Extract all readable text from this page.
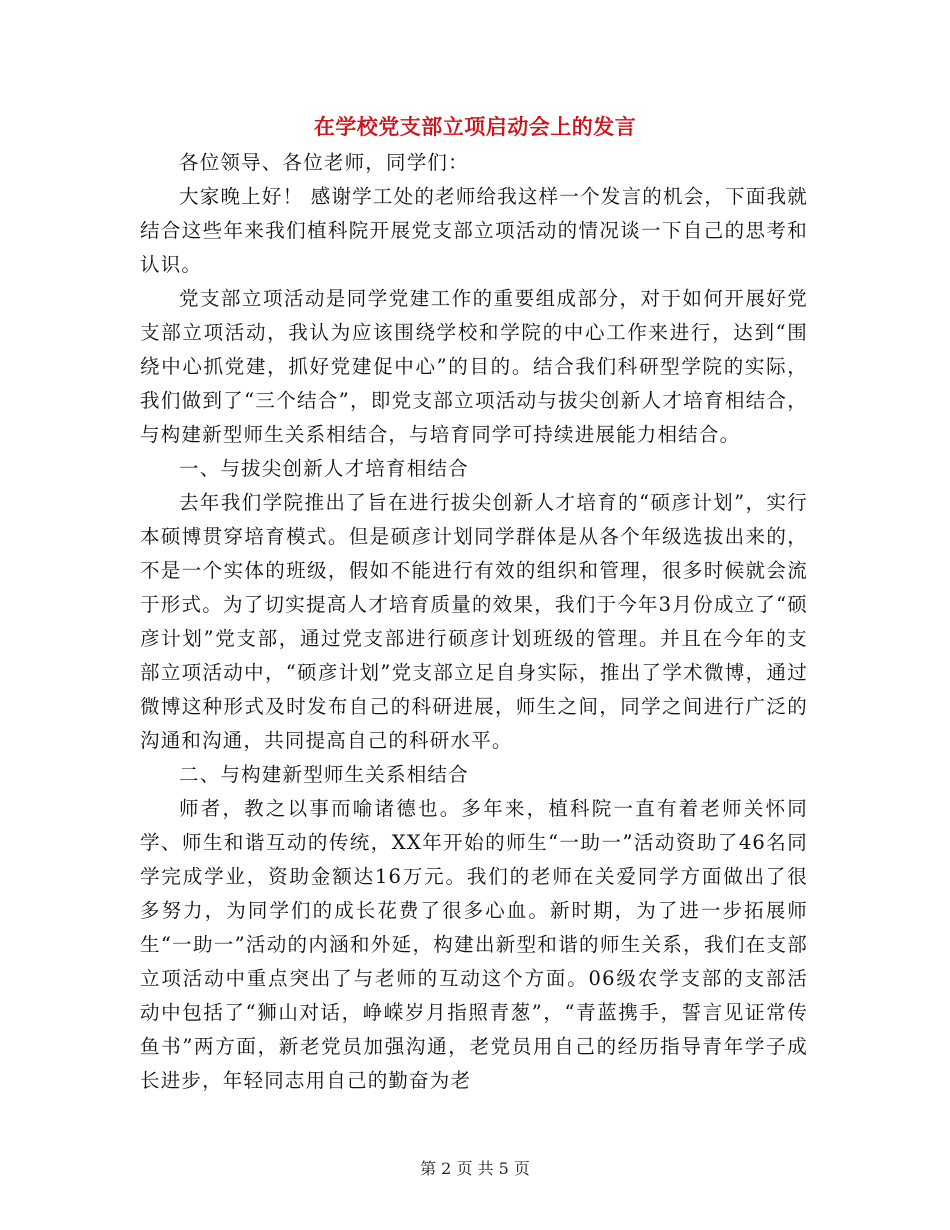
在学校党支部立项启动会上的发言

各位领导、各位老师，同学们：

大家晚上好！ 感谢学工处的老师给我这样一个发言的机会，下面我就结合这些年来我们植科院开展党支部立项活动的情况谈一下自己的思考和认识。

党支部立项活动是同学党建工作的重要组成部分，对于如何开展好党支部立项活动，我认为应该围绕学校和学院的中心工作来进行，达到“围绕中心抓党建，抓好党建促中心”的目的。结合我们科研型学院的实际，我们做到了“三个结合”，即党支部立项活动与拔尖创新人才培育相结合，与构建新型师生关系相结合，与培育同学可持续进展能力相结合。

一、与拔尖创新人才培育相结合

去年我们学院推出了旨在进行拔尖创新人才培育的“硕彦计划”，实行本硕博贯穿培育模式。但是硕彦计划同学群体是从各个年级选拔出来的，不是一个实体的班级，假如不能进行有效的组织和管理，很多时候就会流于形式。为了切实提高人才培育质量的效果，我们于今年3月份成立了“硕彦计划”党支部，通过党支部进行硕彦计划班级的管理。并且在今年的支部立项活动中，“硕彦计划”党支部立足自身实际，推出了学术微博，通过微博这种形式及时发布自己的科研进展，师生之间，同学之间进行广泛的沟通和沟通，共同提高自己的科研水平。

二、与构建新型师生关系相结合

师者，教之以事而喻诸德也。多年来，植科院一直有着老师关怀同学、师生和谐互动的传统，XX年开始的师生“一助一”活动资助了46名同学完成学业，资助金额达16万元。我们的老师在关爱同学方面做出了很多努力，为同学们的成长花费了很多心血。新时期，为了进一步拓展师生“一助一”活动的内涵和外延，构建出新型和谐的师生关系，我们在支部立项活动中重点突出了与老师的互动这个方面。06级农学支部的支部活动中包括了“狮山对话，峥嵘岁月指照青葱”，“青蓝携手，誓言见证常传鱼书”两方面，新老党员加强沟通，老党员用自己的经历指导青年学子成长进步，年轻同志用自己的勤奋为老

第 2 页 共 5 页
